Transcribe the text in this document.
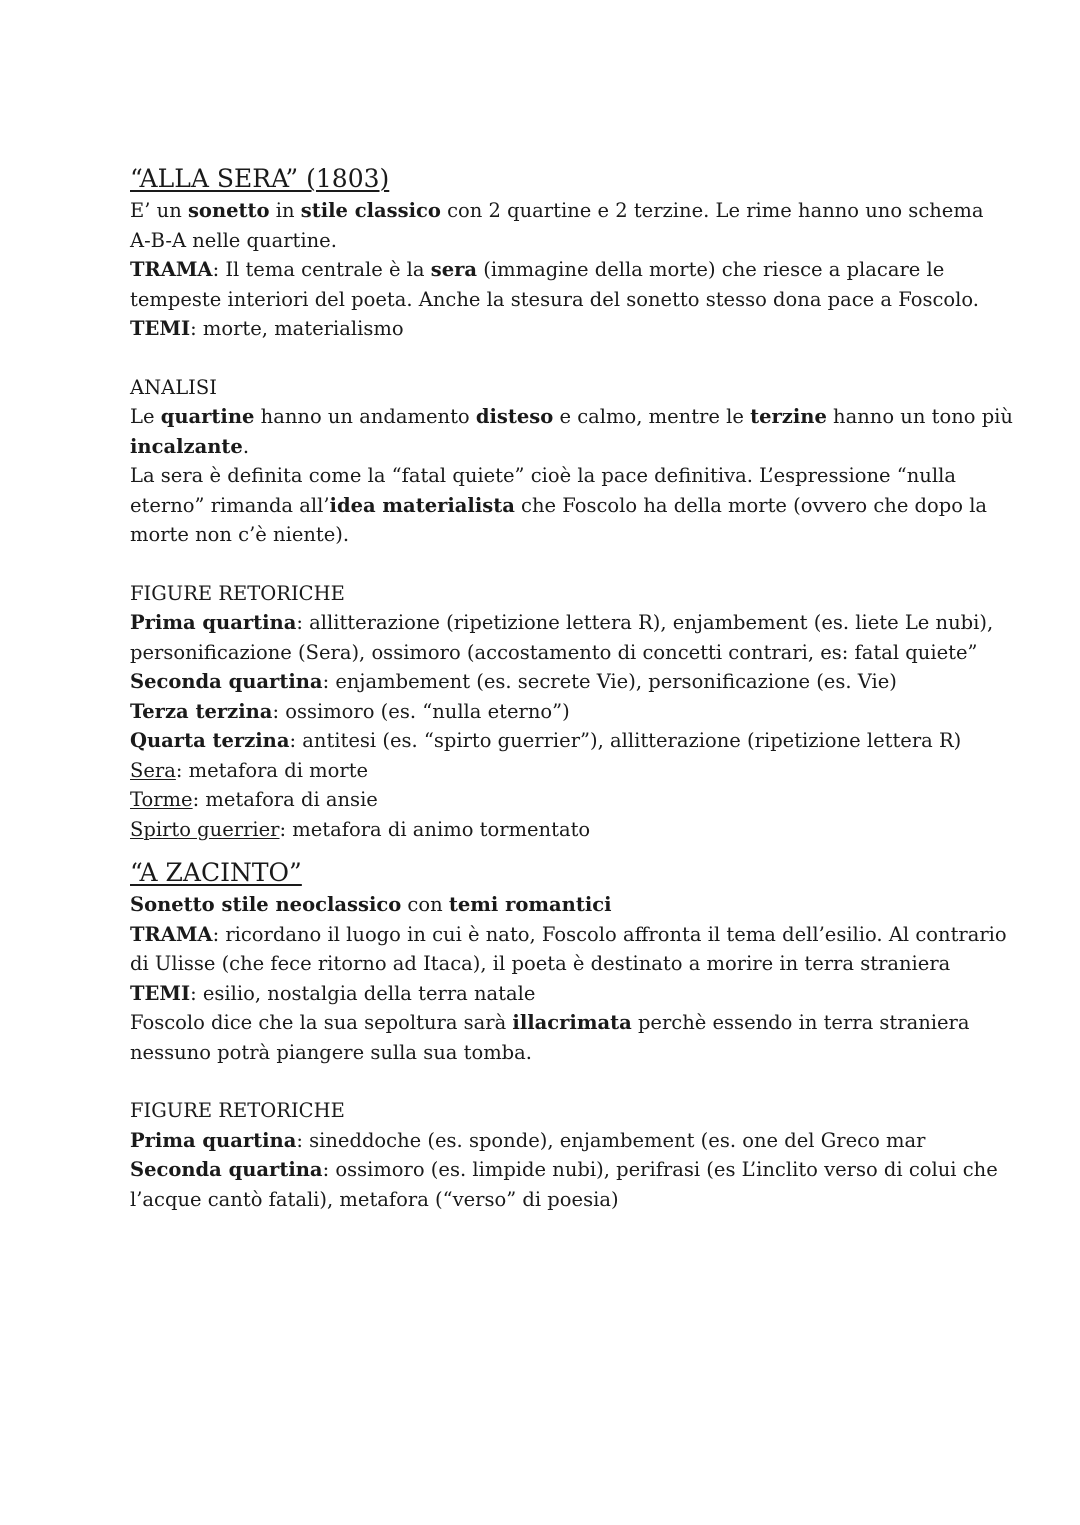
“ALLA SERA” (1803)
E’ un sonetto in stile classico con 2 quartine e 2 terzine. Le rime hanno uno schema
A-B-A nelle quartine.
TRAMA: Il tema centrale è la sera (immagine della morte) che riesce a placare le
tempeste interiori del poeta. Anche la stesura del sonetto stesso dona pace a Foscolo.
TEMI: morte, materialismo
ANALISI
Le quartine hanno un andamento disteso e calmo, mentre le terzine hanno un tono più
incalzante.
La sera è definita come la “fatal quiete” cioè la pace definitiva. L’espressione “nulla
eterno” rimanda all’idea materialista che Foscolo ha della morte (ovvero che dopo la
morte non c’è niente).
FIGURE RETORICHE
Prima quartina: allitterazione (ripetizione lettera R), enjambement (es. liete Le nubi),
personificazione (Sera), ossimoro (accostamento di concetti contrari, es: fatal quiete”
Seconda quartina: enjambement (es. secrete Vie), personificazione (es. Vie)
Terza terzina: ossimoro (es. “nulla eterno”)
Quarta terzina: antitesi (es. “spirto guerrier”), allitterazione (ripetizione lettera R)
Sera: metafora di morte
Torme: metafora di ansie
Spirto guerrier: metafora di animo tormentato
“A ZACINTO”
Sonetto stile neoclassico con temi romantici
TRAMA: ricordano il luogo in cui è nato, Foscolo affronta il tema dell’esilio. Al contrario
di Ulisse (che fece ritorno ad Itaca), il poeta è destinato a morire in terra straniera
TEMI: esilio, nostalgia della terra natale
Foscolo dice che la sua sepoltura sarà illacrimata perchè essendo in terra straniera
nessuno potrà piangere sulla sua tomba.
FIGURE RETORICHE
Prima quartina: sineddoche (es. sponde), enjambement (es. one del Greco mar
Seconda quartina: ossimoro (es. limpide nubi), perifrasi (es L’inclito verso di colui che
l’acque cantò fatali), metafora (“verso” di poesia)
